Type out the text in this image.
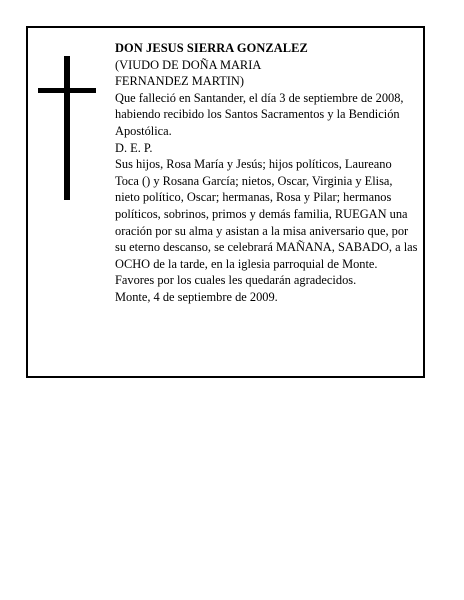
DON JESUS SIERRA GONZALEZ
(VIUDO DE DOÑA MARIA
FERNANDEZ MARTIN)
Que falleció en Santander, el día 3 de septiembre de 2008, habiendo recibido los Santos Sacramentos y la Bendición Apostólica.
D. E. P.
Sus hijos, Rosa María y Jesús; hijos políticos, Laureano Toca () y Rosana García; nietos, Oscar, Virginia y Elisa, nieto político, Oscar; hermanas, Rosa y Pilar; hermanos políticos, sobrinos, primos y demás familia, RUEGAN una oración por su alma y asistan a la misa aniversario que, por su eterno descanso, se celebrará MAÑANA, SABADO, a las OCHO de la tarde, en la iglesia parroquial de Monte. Favores por los cuales les quedarán agradecidos.
Monte, 4 de septiembre de 2009.
